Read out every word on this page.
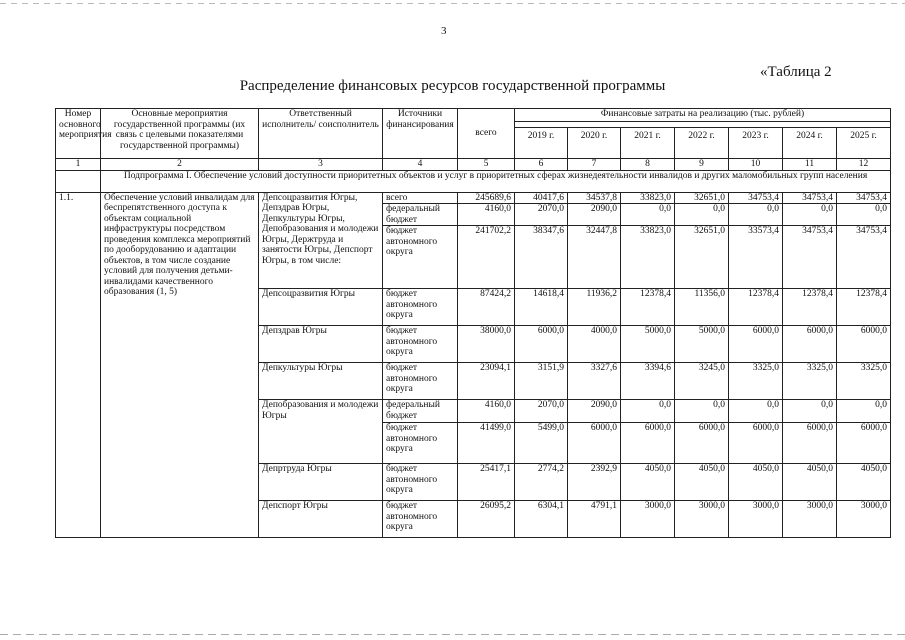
3
«Таблица 2
Распределение финансовых ресурсов государственной программы
Номер основного мероприятия	Основные мероприятия государственной программы (их связь с целевыми показателями государственной программы)	Ответственный исполнитель/ соисполнитель	Источники финансирования	всего	Финансовые затраты на реализацию (тыс. рублей)						

					2019 г.	2020 г.	2021 г.	2022 г.	2023 г.	2024 г.	2025 г.
1	2	3	4	5	6	7	8	9	10	11	12
	Подпрограмма I. Обеспечение условий доступности приоритетных объектов и услуг в приоритетных сферах жизнедеятельности инвалидов и других маломобильных групп населения										
1.1.	Обеспечение условий инвалидам для беспрепятственного доступа к объектам социальной инфраструктуры посредством проведения комплекса мероприятий по дооборудованию и адаптации объектов, в том числе создание условий для получения детьми-инвалидами качественного образования (1, 5)	Депсоцразвития Югры, Депздрав Югры, Депкультуры Югры, Депобразования и молодежи Югры, Держтруда и занятости Югры, Депспорт Югры, в том числе:	всего	245689,6	40417,6	34537,8	33823,0	32651,0	34753,4	34753,4	34753,4
			федеральный бюджет	4160,0	2070,0	2090,0	0,0	0,0	0,0	0,0	0,0
			бюджет автономного округа	241702,2	38347,6	32447,8	33823,0	32651,0	33573,4	34753,4	34753,4
		Депсоцразвития Югры	бюджет автономного округа	87424,2	14618,4	11936,2	12378,4	11356,0	12378,4	12378,4	12378,4
		Депздрав Югры	бюджет автономного округа	38000,0	6000,0	4000,0	5000,0	5000,0	6000,0	6000,0	6000,0
		Депкультуры Югры	бюджет автономного округа	23094,1	3151,9	3327,6	3394,6	3245,0	3325,0	3325,0	3325,0
		Депобразования и молодежи Югры	федеральный бюджет	4160,0	2070,0	2090,0	0,0	0,0	0,0	0,0	0,0
			бюджет автономного округа	41499,0	5499,0	6000,0	6000,0	6000,0	6000,0	6000,0	6000,0
		Депртруда Югры	бюджет автономного округа	25417,1	2774,2	2392,9	4050,0	4050,0	4050,0	4050,0	4050,0
		Депспорт Югры	бюджет автономного округа	26095,2	6304,1	4791,1	3000,0	3000,0	3000,0	3000,0	3000,0
